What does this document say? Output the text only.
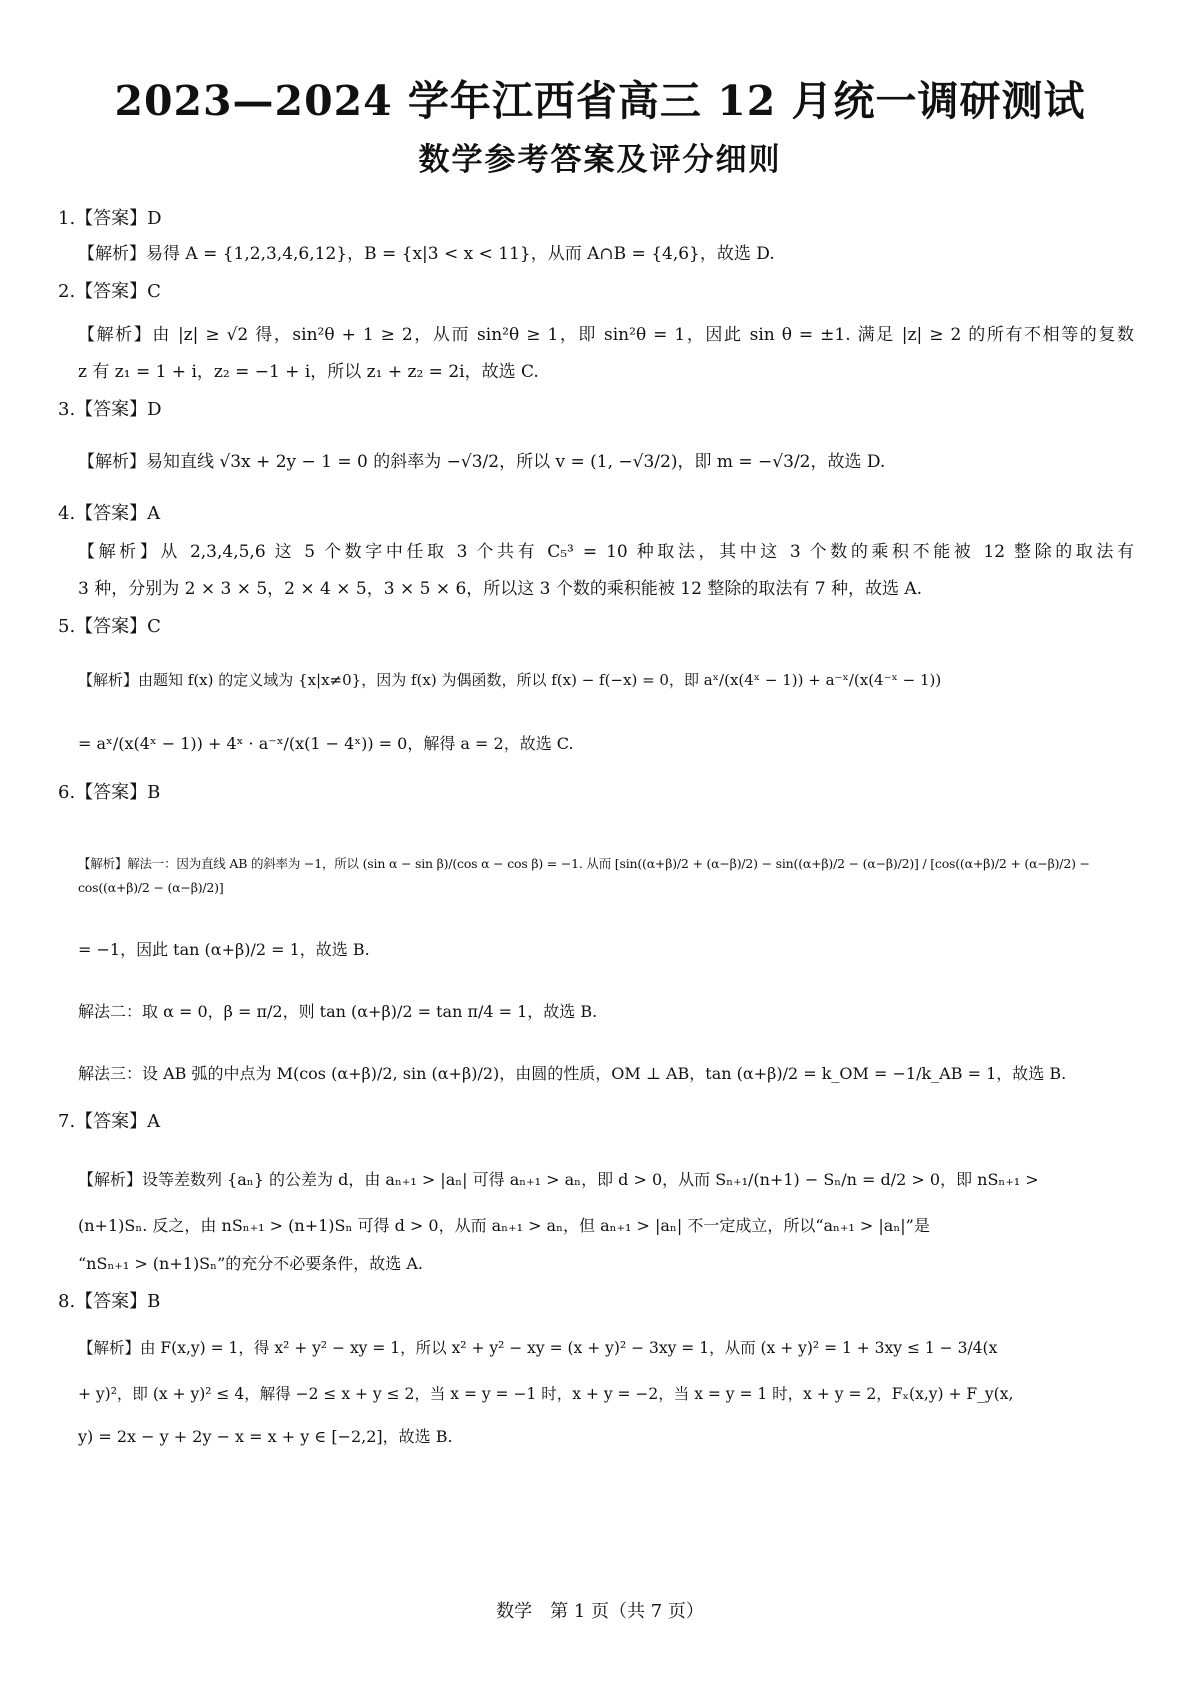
2023—2024 学年江西省高三 12 月统一调研测试
数学参考答案及评分细则
1.【答案】D
【解析】易得 A = {1,2,3,4,6,12}，B = {x|3 < x < 11}，从而 A∩B = {4,6}，故选 D.
2.【答案】C
【解析】由 |z| ≥ √2 得，sin²θ + 1 ≥ 2，从而 sin²θ ≥ 1，即 sin²θ = 1，因此 sin θ = ±1. 满足 |z| ≥ 2 的所有不相等的复数
z 有 z₁ = 1 + i，z₂ = −1 + i，所以 z₁ + z₂ = 2i，故选 C.
3.【答案】D
【解析】易知直线 √3x + 2y − 1 = 0 的斜率为 −√3/2，所以 v = (1, −√3/2)，即 m = −√3/2，故选 D.
4.【答案】A
【解析】从 2,3,4,5,6 这 5 个数字中任取 3 个共有 C₅³ = 10 种取法，其中这 3 个数的乘积不能被 12 整除的取法有
3 种，分别为 2 × 3 × 5，2 × 4 × 5，3 × 5 × 6，所以这 3 个数的乘积能被 12 整除的取法有 7 种，故选 A.
5.【答案】C
【解析】由题知 f(x) 的定义域为 {x|x≠0}，因为 f(x) 为偶函数，所以 f(x) − f(−x) = 0，即 aˣ/(x(4ˣ − 1)) + a⁻ˣ/(x(4⁻ˣ − 1))
= aˣ/(x(4ˣ − 1)) + 4ˣ · a⁻ˣ/(x(1 − 4ˣ)) = 0，解得 a = 2，故选 C.
6.【答案】B
【解析】解法一：因为直线 AB 的斜率为 −1，所以 (sin α − sin β)/(cos α − cos β) = −1. 从而 [sin((α+β)/2 + (α−β)/2) − sin((α+β)/2 − (α−β)/2)] / [cos((α+β)/2 + (α−β)/2) − cos((α+β)/2 − (α−β)/2)]
= −1，因此 tan (α+β)/2 = 1，故选 B.
解法二：取 α = 0，β = π/2，则 tan (α+β)/2 = tan π/4 = 1，故选 B.
解法三：设 AB 弧的中点为 M(cos (α+β)/2, sin (α+β)/2)，由圆的性质，OM ⊥ AB，tan (α+β)/2 = k_OM = −1/k_AB = 1，故选 B.
7.【答案】A
【解析】设等差数列 {aₙ} 的公差为 d，由 aₙ₊₁ > |aₙ| 可得 aₙ₊₁ > aₙ，即 d > 0，从而 Sₙ₊₁/(n+1) − Sₙ/n = d/2 > 0，即 nSₙ₊₁ >
(n+1)Sₙ. 反之，由 nSₙ₊₁ > (n+1)Sₙ 可得 d > 0，从而 aₙ₊₁ > aₙ，但 aₙ₊₁ > |aₙ| 不一定成立，所以“aₙ₊₁ > |aₙ|”是
“nSₙ₊₁ > (n+1)Sₙ”的充分不必要条件，故选 A.
8.【答案】B
【解析】由 F(x,y) = 1，得 x² + y² − xy = 1，所以 x² + y² − xy = (x + y)² − 3xy = 1，从而 (x + y)² = 1 + 3xy ≤ 1 − 3/4(x
+ y)²，即 (x + y)² ≤ 4，解得 −2 ≤ x + y ≤ 2，当 x = y = −1 时，x + y = −2，当 x = y = 1 时，x + y = 2，Fₓ(x,y) + F_y(x,
y) = 2x − y + 2y − x = x + y ∈ [−2,2]，故选 B.
数学　第 1 页（共 7 页）
